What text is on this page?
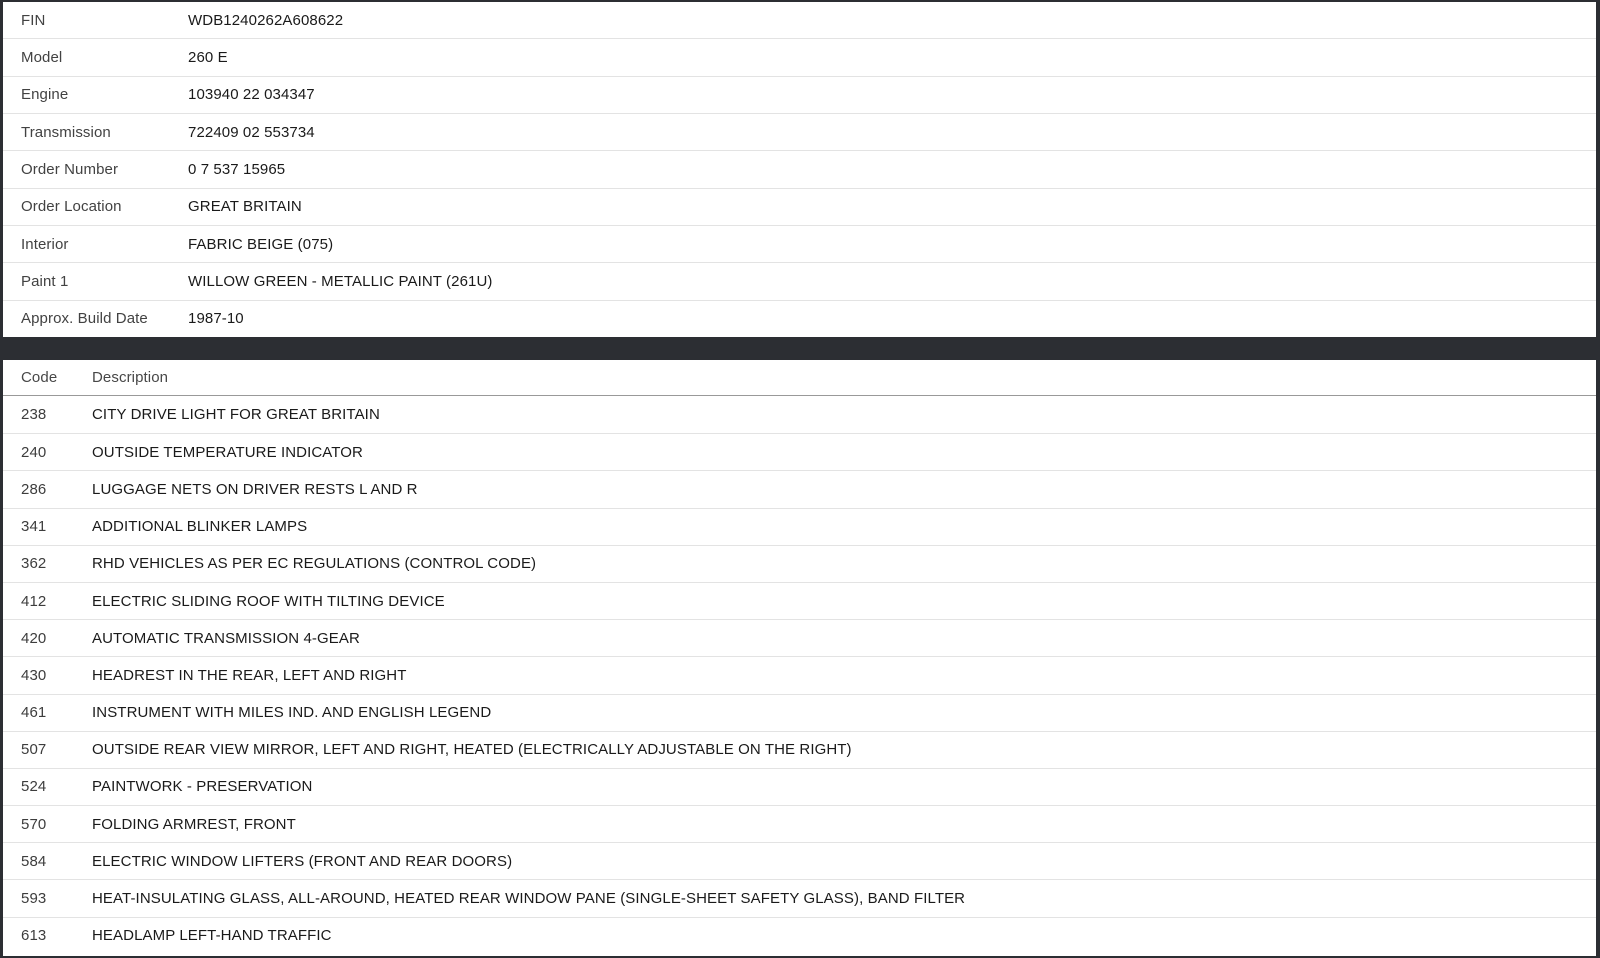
FIN	WDB1240262A608622
Model	260 E
Engine	103940 22 034347
Transmission	722409 02 553734
Order Number	0 7 537 15965
Order Location	GREAT BRITAIN
Interior	FABRIC BEIGE (075)
Paint 1	WILLOW GREEN - METALLIC PAINT (261U)
Approx. Build Date	1987-10
Code	Description
238	CITY DRIVE LIGHT FOR GREAT BRITAIN
240	OUTSIDE TEMPERATURE INDICATOR
286	LUGGAGE NETS ON DRIVER RESTS L AND R
341	ADDITIONAL BLINKER LAMPS
362	RHD VEHICLES AS PER EC REGULATIONS (CONTROL CODE)
412	ELECTRIC SLIDING ROOF WITH TILTING DEVICE
420	AUTOMATIC TRANSMISSION 4-GEAR
430	HEADREST IN THE REAR, LEFT AND RIGHT
461	INSTRUMENT WITH MILES IND. AND ENGLISH LEGEND
507	OUTSIDE REAR VIEW MIRROR, LEFT AND RIGHT, HEATED (ELECTRICALLY ADJUSTABLE ON THE RIGHT)
524	PAINTWORK - PRESERVATION
570	FOLDING ARMREST, FRONT
584	ELECTRIC WINDOW LIFTERS (FRONT AND REAR DOORS)
593	HEAT-INSULATING GLASS, ALL-AROUND, HEATED REAR WINDOW PANE (SINGLE-SHEET SAFETY GLASS), BAND FILTER
613	HEADLAMP LEFT-HAND TRAFFIC
